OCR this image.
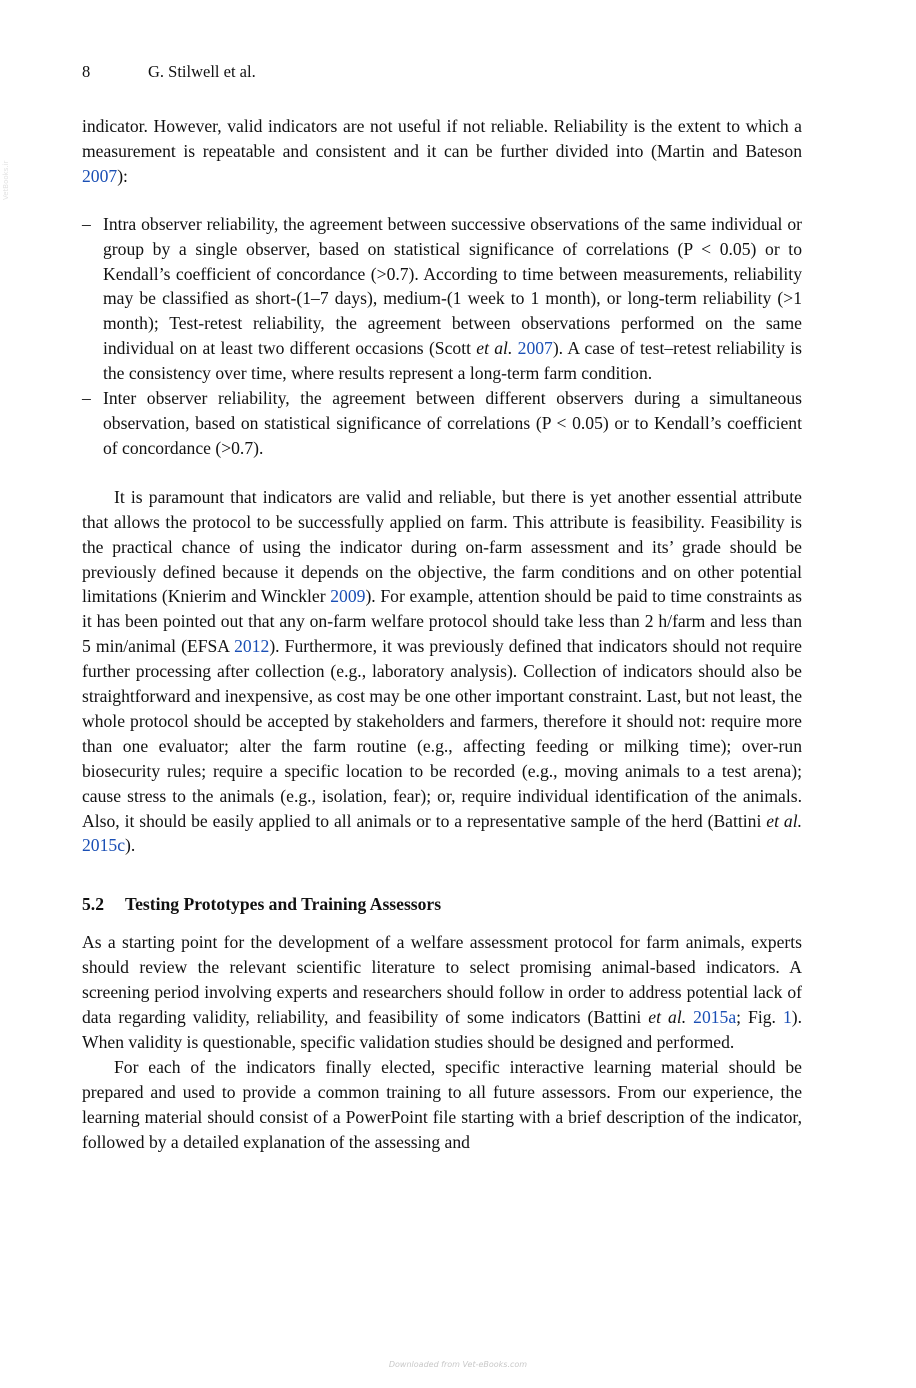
VetBooks.ir
8	G. Stilwell et al.

indicator. However, valid indicators are not useful if not reliable. Reliability is the extent to which a measurement is repeatable and consistent and it can be further divided into (Martin and Bateson 2007):

– Intra observer reliability, the agreement between successive observations of the same individual or group by a single observer, based on statistical significance of correlations (P < 0.05) or to Kendall’s coefficient of concordance (>0.7). According to time between measurements, reliability may be classified as short-(1–7 days), medium-(1 week to 1 month), or long-term reliability (>1 month); Test-retest reliability, the agreement between observations performed on the same individual on at least two different occasions (Scott et al. 2007). A case of test–retest reliability is the consistency over time, where results represent a long-term farm condition.
– Inter observer reliability, the agreement between different observers during a simultaneous observation, based on statistical significance of correlations (P < 0.05) or to Kendall’s coefficient of concordance (>0.7).

It is paramount that indicators are valid and reliable, but there is yet another essential attribute that allows the protocol to be successfully applied on farm. This attribute is feasibility. Feasibility is the practical chance of using the indicator during on-farm assessment and its’ grade should be previously defined because it depends on the objective, the farm conditions and on other potential limitations (Knierim and Winckler 2009). For example, attention should be paid to time constraints as it has been pointed out that any on-farm welfare protocol should take less than 2 h/farm and less than 5 min/animal (EFSA 2012). Furthermore, it was previously defined that indicators should not require further processing after collection (e.g., laboratory analysis). Collection of indicators should also be straightforward and inexpensive, as cost may be one other important constraint. Last, but not least, the whole protocol should be accepted by stakeholders and farmers, therefore it should not: require more than one evaluator; alter the farm routine (e.g., affecting feeding or milking time); over-run biosecurity rules; require a specific location to be recorded (e.g., moving animals to a test arena); cause stress to the animals (e.g., isolation, fear); or, require individual identification of the animals. Also, it should be easily applied to all animals or to a representative sample of the herd (Battini et al. 2015c).

5.2 Testing Prototypes and Training Assessors

As a starting point for the development of a welfare assessment protocol for farm animals, experts should review the relevant scientific literature to select promising animal-based indicators. A screening period involving experts and researchers should follow in order to address potential lack of data regarding validity, reliability, and feasibility of some indicators (Battini et al. 2015a; Fig. 1). When validity is questionable, specific validation studies should be designed and performed.

For each of the indicators finally elected, specific interactive learning material should be prepared and used to provide a common training to all future assessors. From our experience, the learning material should consist of a PowerPoint file starting with a brief description of the indicator, followed by a detailed explanation of the assessing and

Downloaded from Vet-eBooks.com
